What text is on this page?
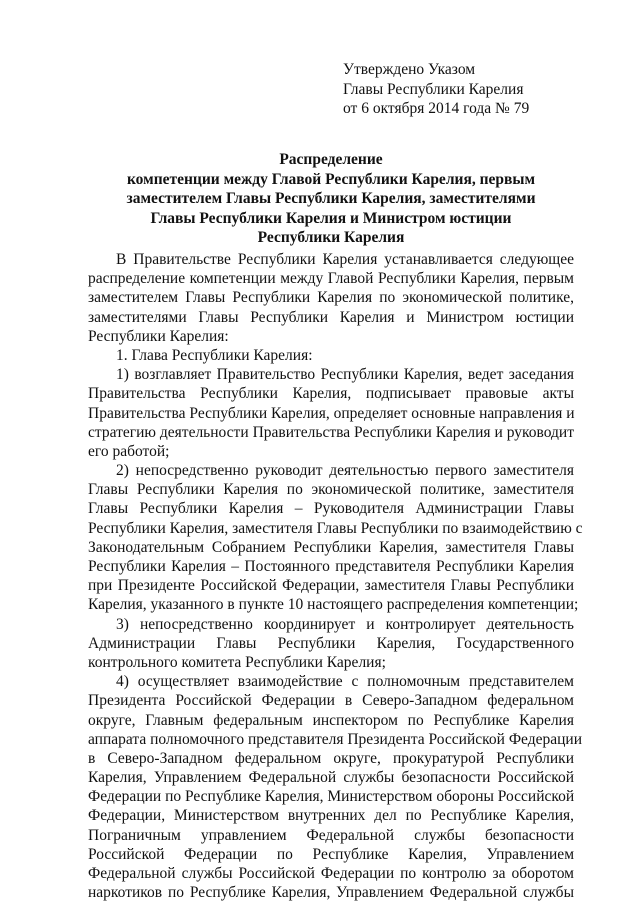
Утверждено Указом
Главы Республики Карелия
от 6 октября 2014 года № 79
Распределение
компетенции между Главой Республики Карелия, первым
заместителем Главы Республики Карелия, заместителями
Главы Республики Карелия и Министром юстиции
Республики Карелия
В Правительстве Республики Карелия устанавливается следующее
распределение компетенции между Главой Республики Карелия, первым
заместителем Главы Республики Карелия по экономической политике,
заместителями Главы Республики Карелия и Министром юстиции
Республики Карелия:
1. Глава Республики Карелия:
1) возглавляет Правительство Республики Карелия, ведет заседания
Правительства Республики Карелия, подписывает правовые акты
Правительства Республики Карелия, определяет основные направления и
стратегию деятельности Правительства Республики Карелия и руководит
его работой;
2) непосредственно руководит деятельностью первого заместителя
Главы Республики Карелия по экономической политике, заместителя
Главы Республики Карелия – Руководителя Администрации Главы
Республики Карелия, заместителя Главы Республики по взаимодействию с
Законодательным Собранием Республики Карелия, заместителя Главы
Республики Карелия – Постоянного представителя Республики Карелия
при Президенте Российской Федерации, заместителя Главы Республики
Карелия, указанного в пункте 10 настоящего распределения компетенции;
3) непосредственно координирует и контролирует деятельность
Администрации Главы Республики Карелия, Государственного
контрольного комитета Республики Карелия;
4) осуществляет взаимодействие с полномочным представителем
Президента Российской Федерации в Северо-Западном федеральном
округе, Главным федеральным инспектором по Республике Карелия
аппарата полномочного представителя Президента Российской Федерации
в Северо-Западном федеральном округе, прокуратурой Республики
Карелия, Управлением Федеральной службы безопасности Российской
Федерации по Республике Карелия, Министерством обороны Российской
Федерации, Министерством внутренних дел по Республике Карелия,
Пограничным управлением Федеральной службы безопасности
Российской Федерации по Республике Карелия, Управлением
Федеральной службы Российской Федерации по контролю за оборотом
наркотиков по Республике Карелия, Управлением Федеральной службы
